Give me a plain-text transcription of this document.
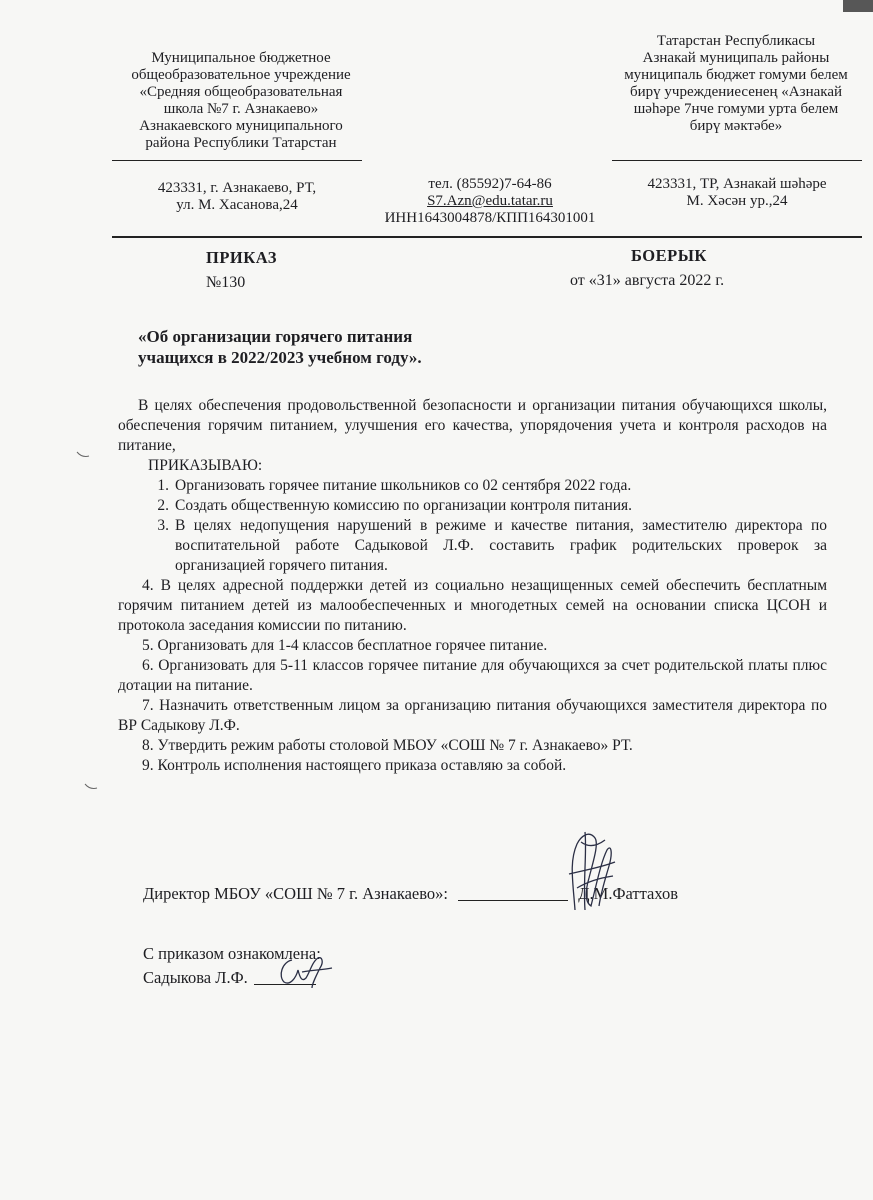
Муниципальное бюджетное
общеобразовательное учреждение
«Средняя общеобразовательная
школа №7 г. Азнакаево»
Азнакаевского муниципального
района Республики Татарстан
Татарстан Республикасы
Азнакай муниципаль районы
муниципаль бюджет гомуми белем
бирү учреждениесенең «Азнакай
шәһәре 7нче гомуми урта белем
бирү мәктәбе»
423331, г. Азнакаево, РТ,
ул. М. Хасанова,24
тел. (85592)7-64-86
S7.Azn@edu.tatar.ru
ИНН1643004878/КПП164301001
423331, ТР, Азнакай шәһәре
М. Хәсән ур.,24
ПРИКАЗ
№130
БОЕРЫК
от «31» августа 2022 г.
«Об организации горячего питания
учащихся в 2022/2023 учебном году».

В целях обеспечения продовольственной безопасности и организации питания обучающихся школы, обеспечения горячим питанием, улучшения его качества, упорядочения учета и контроля расходов на питание,

ПРИКАЗЫВАЮ:

1. Организовать горячее питание школьников со 02 сентября 2022 года.
2. Создать общественную комиссию по организации контроля питания.
3. В целях недопущения нарушений в режиме и качестве питания, заместителю директора по воспитательной работе Садыковой Л.Ф. составить график родительских проверок за организацией горячего питания.

4. В целях адресной поддержки детей из социально незащищенных семей обеспечить бесплатным горячим питанием детей из малообеспеченных и многодетных семей на основании списка ЦСОН и протокола заседания комиссии по питанию.

5. Организовать для 1-4 классов бесплатное горячее питание.

6. Организовать для 5-11 классов горячее питание для обучающихся за счет родительской платы плюс дотации на питание.

7. Назначить ответственным лицом за организацию питания обучающихся заместителя директора по ВР Садыкову Л.Ф.

8. Утвердить режим работы столовой МБОУ «СОШ № 7 г. Азнакаево» РТ.

9. Контроль исполнения настоящего приказа оставляю за собой.

Директор МБОУ «СОШ № 7 г. Азнакаево»:	Д.М.Фаттахов
С приказом ознакомлена:
Садыкова Л.Ф.
